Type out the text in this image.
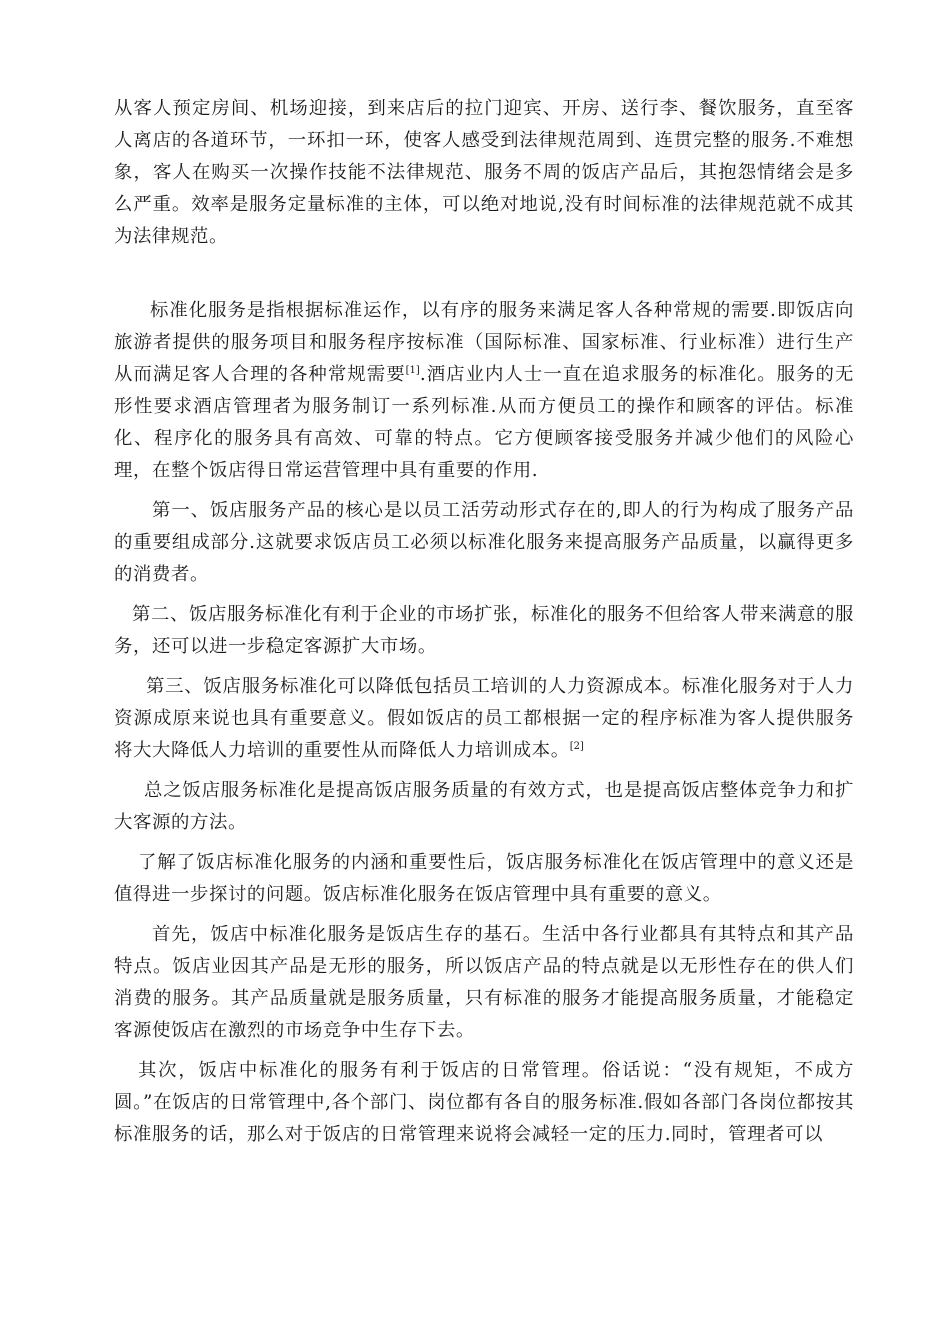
从客人预定房间、机场迎接，到来店后的拉门迎宾、开房、送行李、餐饮服务，直至客人离店的各道环节，一环扣一环，使客人感受到法律规范周到、连贯完整的服务.不难想象，客人在购买一次操作技能不法律规范、服务不周的饭店产品后，其抱怨情绪会是多么严重。效率是服务定量标准的主体，可以绝对地说,没有时间标准的法律规范就不成其为法律规范。

标准化服务是指根据标准运作，以有序的服务来满足客人各种常规的需要.即饭店向旅游者提供的服务项目和服务程序按标准（国际标准、国家标准、行业标准）进行生产从而满足客人合理的各种常规需要[1].酒店业内人士一直在追求服务的标准化。服务的无形性要求酒店管理者为服务制订一系列标准.从而方便员工的操作和顾客的评估。标准化、程序化的服务具有高效、可靠的特点。它方便顾客接受服务并减少他们的风险心理，在整个饭店得日常运营管理中具有重要的作用.

第一、饭店服务产品的核心是以员工活劳动形式存在的,即人的行为构成了服务产品的重要组成部分.这就要求饭店员工必须以标准化服务来提高服务产品质量，以赢得更多的消费者。

第二、饭店服务标准化有利于企业的市场扩张，标准化的服务不但给客人带来满意的服务，还可以进一步稳定客源扩大市场。

第三、饭店服务标准化可以降低包括员工培训的人力资源成本。标准化服务对于人力资源成原来说也具有重要意义。假如饭店的员工都根据一定的程序标准为客人提供服务将大大降低人力培训的重要性从而降低人力培训成本。[2]

总之饭店服务标准化是提高饭店服务质量的有效方式，也是提高饭店整体竞争力和扩大客源的方法。

了解了饭店标准化服务的内涵和重要性后，饭店服务标准化在饭店管理中的意义还是值得进一步探讨的问题。饭店标准化服务在饭店管理中具有重要的意义。

首先，饭店中标准化服务是饭店生存的基石。生活中各行业都具有其特点和其产品特点。饭店业因其产品是无形的服务，所以饭店产品的特点就是以无形性存在的供人们消费的服务。其产品质量就是服务质量，只有标准的服务才能提高服务质量，才能稳定客源使饭店在激烈的市场竞争中生存下去。

其次，饭店中标准化的服务有利于饭店的日常管理。俗话说：“没有规矩，不成方圆。”在饭店的日常管理中,各个部门、岗位都有各自的服务标准.假如各部门各岗位都按其标准服务的话，那么对于饭店的日常管理来说将会减轻一定的压力.同时，管理者可以
